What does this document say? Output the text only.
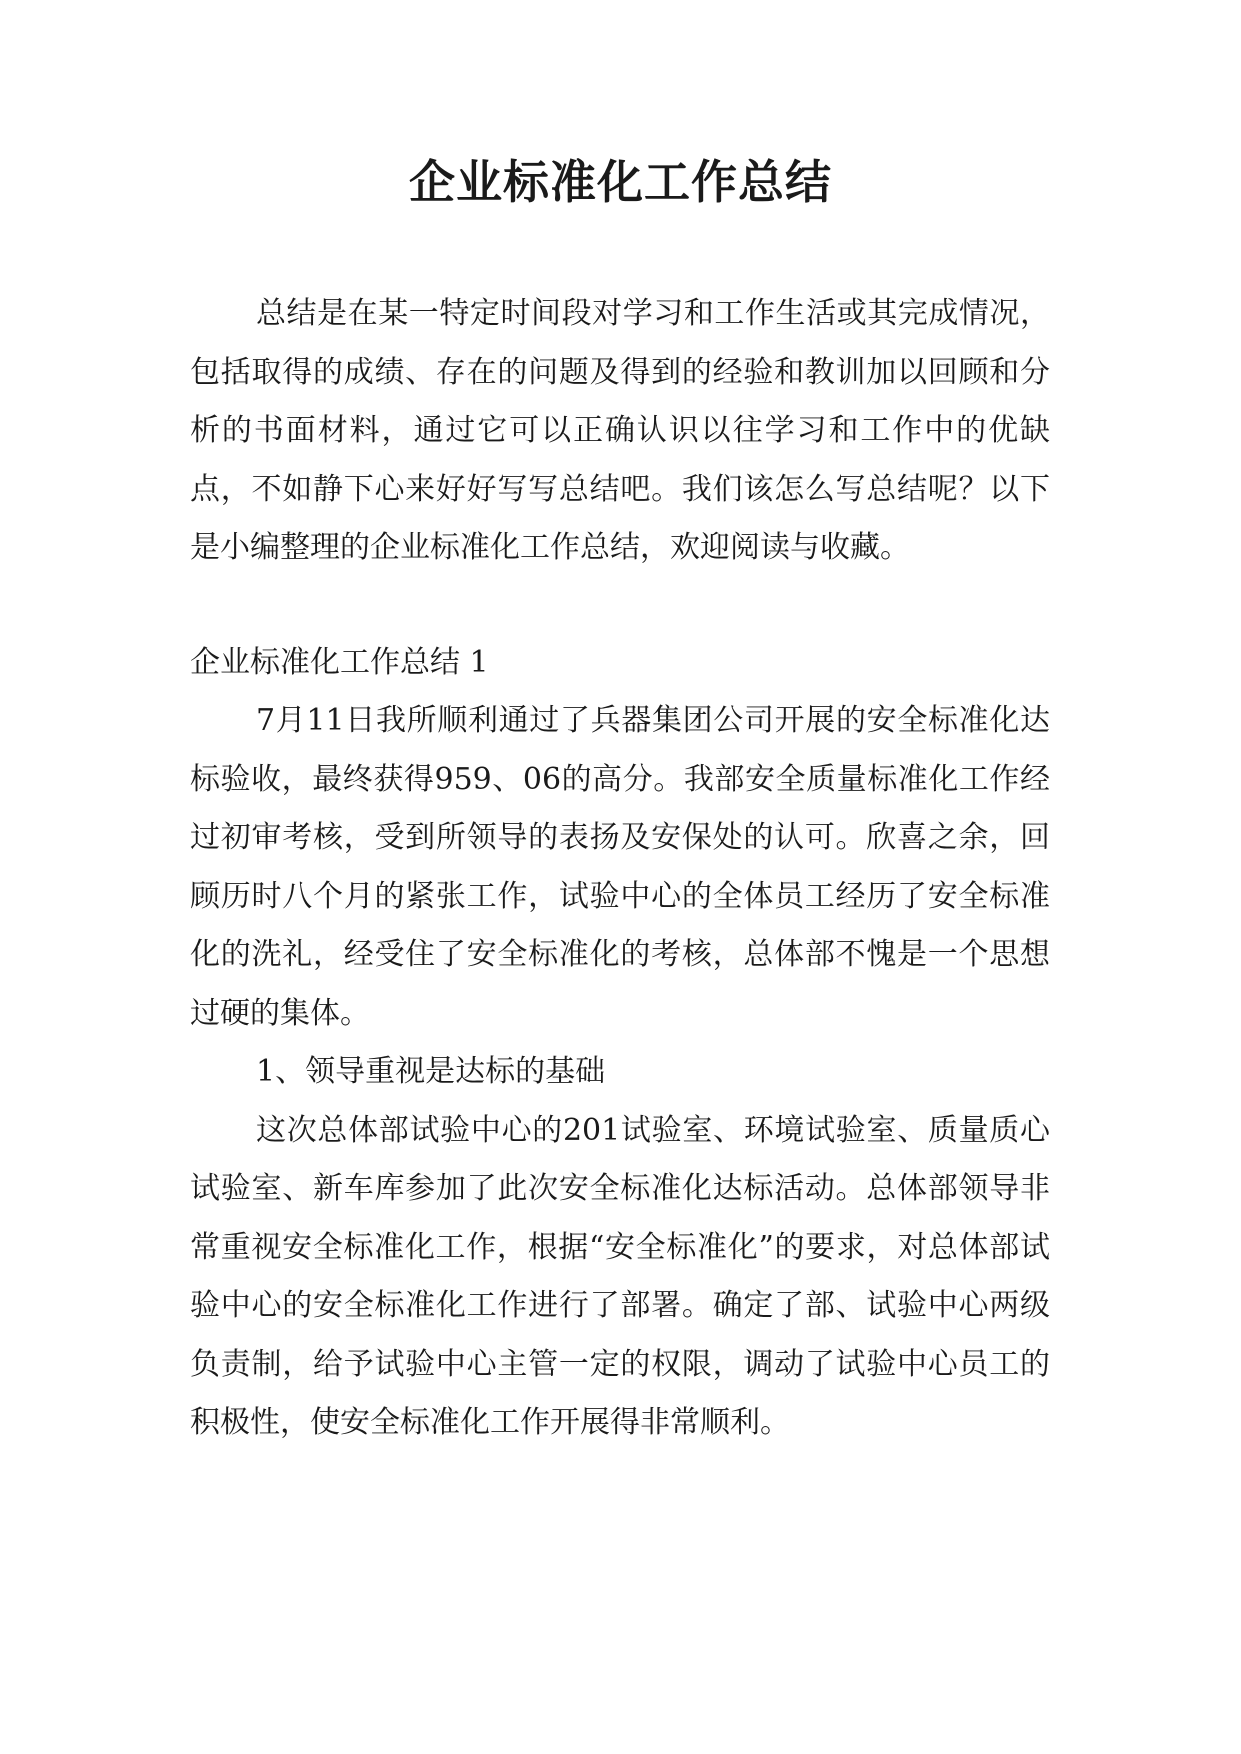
企业标准化工作总结

总结是在某一特定时间段对学习和工作生活或其完成情况，包括取得的成绩、存在的问题及得到的经验和教训加以回顾和分析的书面材料，通过它可以正确认识以往学习和工作中的优缺点，不如静下心来好好写写总结吧。我们该怎么写总结呢？以下是小编整理的企业标准化工作总结，欢迎阅读与收藏。

企业标准化工作总结 1

7月11日我所顺利通过了兵器集团公司开展的安全标准化达标验收，最终获得959、06的高分。我部安全质量标准化工作经过初审考核，受到所领导的表扬及安保处的认可。欣喜之余，回顾历时八个月的紧张工作，试验中心的全体员工经历了安全标准化的洗礼，经受住了安全标准化的考核，总体部不愧是一个思想过硬的集体。

1、领导重视是达标的基础

这次总体部试验中心的201试验室、环境试验室、质量质心试验室、新车库参加了此次安全标准化达标活动。总体部领导非常重视安全标准化工作，根据“安全标准化”的要求，对总体部试验中心的安全标准化工作进行了部署。确定了部、试验中心两级负责制，给予试验中心主管一定的权限，调动了试验中心员工的积极性，使安全标准化工作开展得非常顺利。
